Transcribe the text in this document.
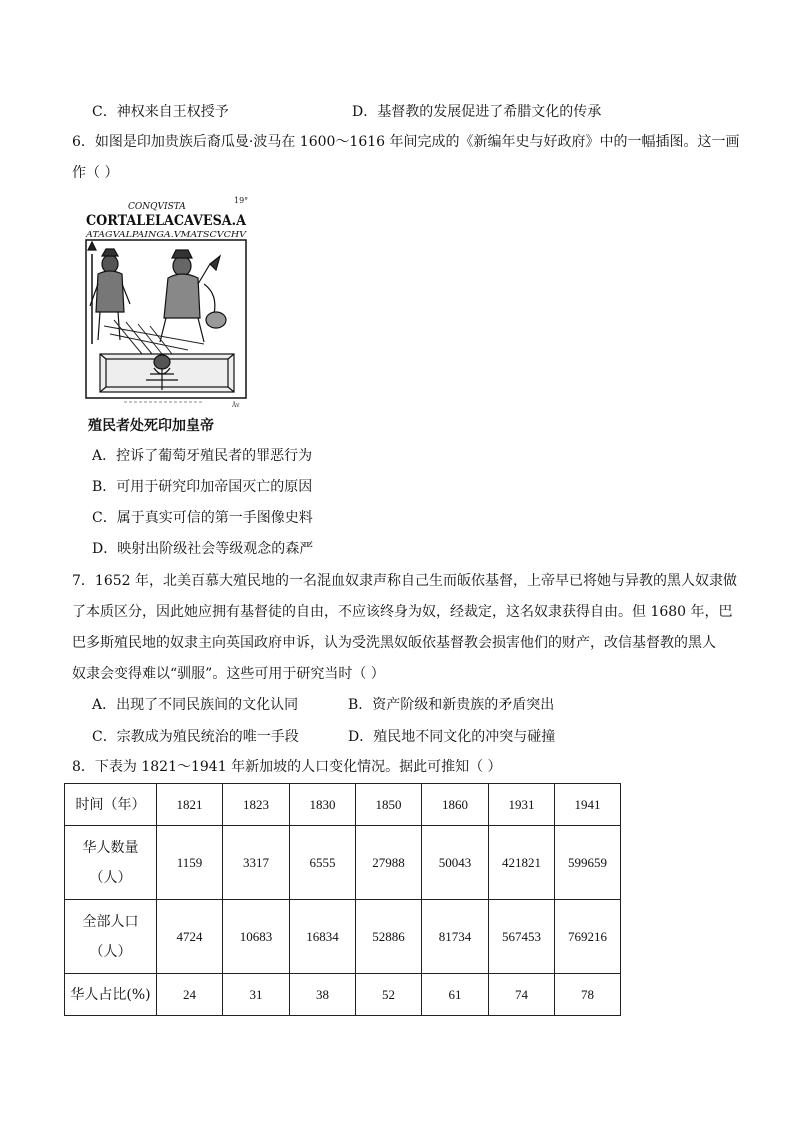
C．神权来自王权授予	D．基督教的发展促进了希腊文化的传承
6．如图是印加贵族后裔瓜曼·波马在 1600～1616 年间完成的《新编年史与好政府》中的一幅插图。这一画
作（ ）
19°
CONQVISTA
CORTALELACAVESA.A
ATAGVALPAINGA.VMATSCVCHV
Ãv
殖民者处死印加皇帝
A．控诉了葡萄牙殖民者的罪恶行为
B．可用于研究印加帝国灭亡的原因
C．属于真实可信的第一手图像史料
D．映射出阶级社会等级观念的森严
7．1652 年，北美百慕大殖民地的一名混血奴隶声称自己生而皈依基督，上帝早已将她与异教的黑人奴隶做
了本质区分，因此她应拥有基督徒的自由，不应该终身为奴，经裁定，这名奴隶获得自由。但 1680 年，巴
巴多斯殖民地的奴隶主向英国政府申诉，认为受洗黑奴皈依基督教会损害他们的财产，改信基督教的黑人
奴隶会变得难以“驯服”。这些可用于研究当时（ ）
A．出现了不同民族间的文化认同	B．资产阶级和新贵族的矛盾突出
C．宗教成为殖民统治的唯一手段	D．殖民地不同文化的冲突与碰撞
8．下表为 1821～1941 年新加坡的人口变化情况。据此可推知（ ）
时间（年）	1821	1823	1830	1850	1860	1931	1941

华人数量
（人）	1159	3317	6555	27988	50043	421821	599659

全部人口
（人）	4724	10683	16834	52886	81734	567453	769216
华人占比(%)	24	31	38	52	61	74	78
